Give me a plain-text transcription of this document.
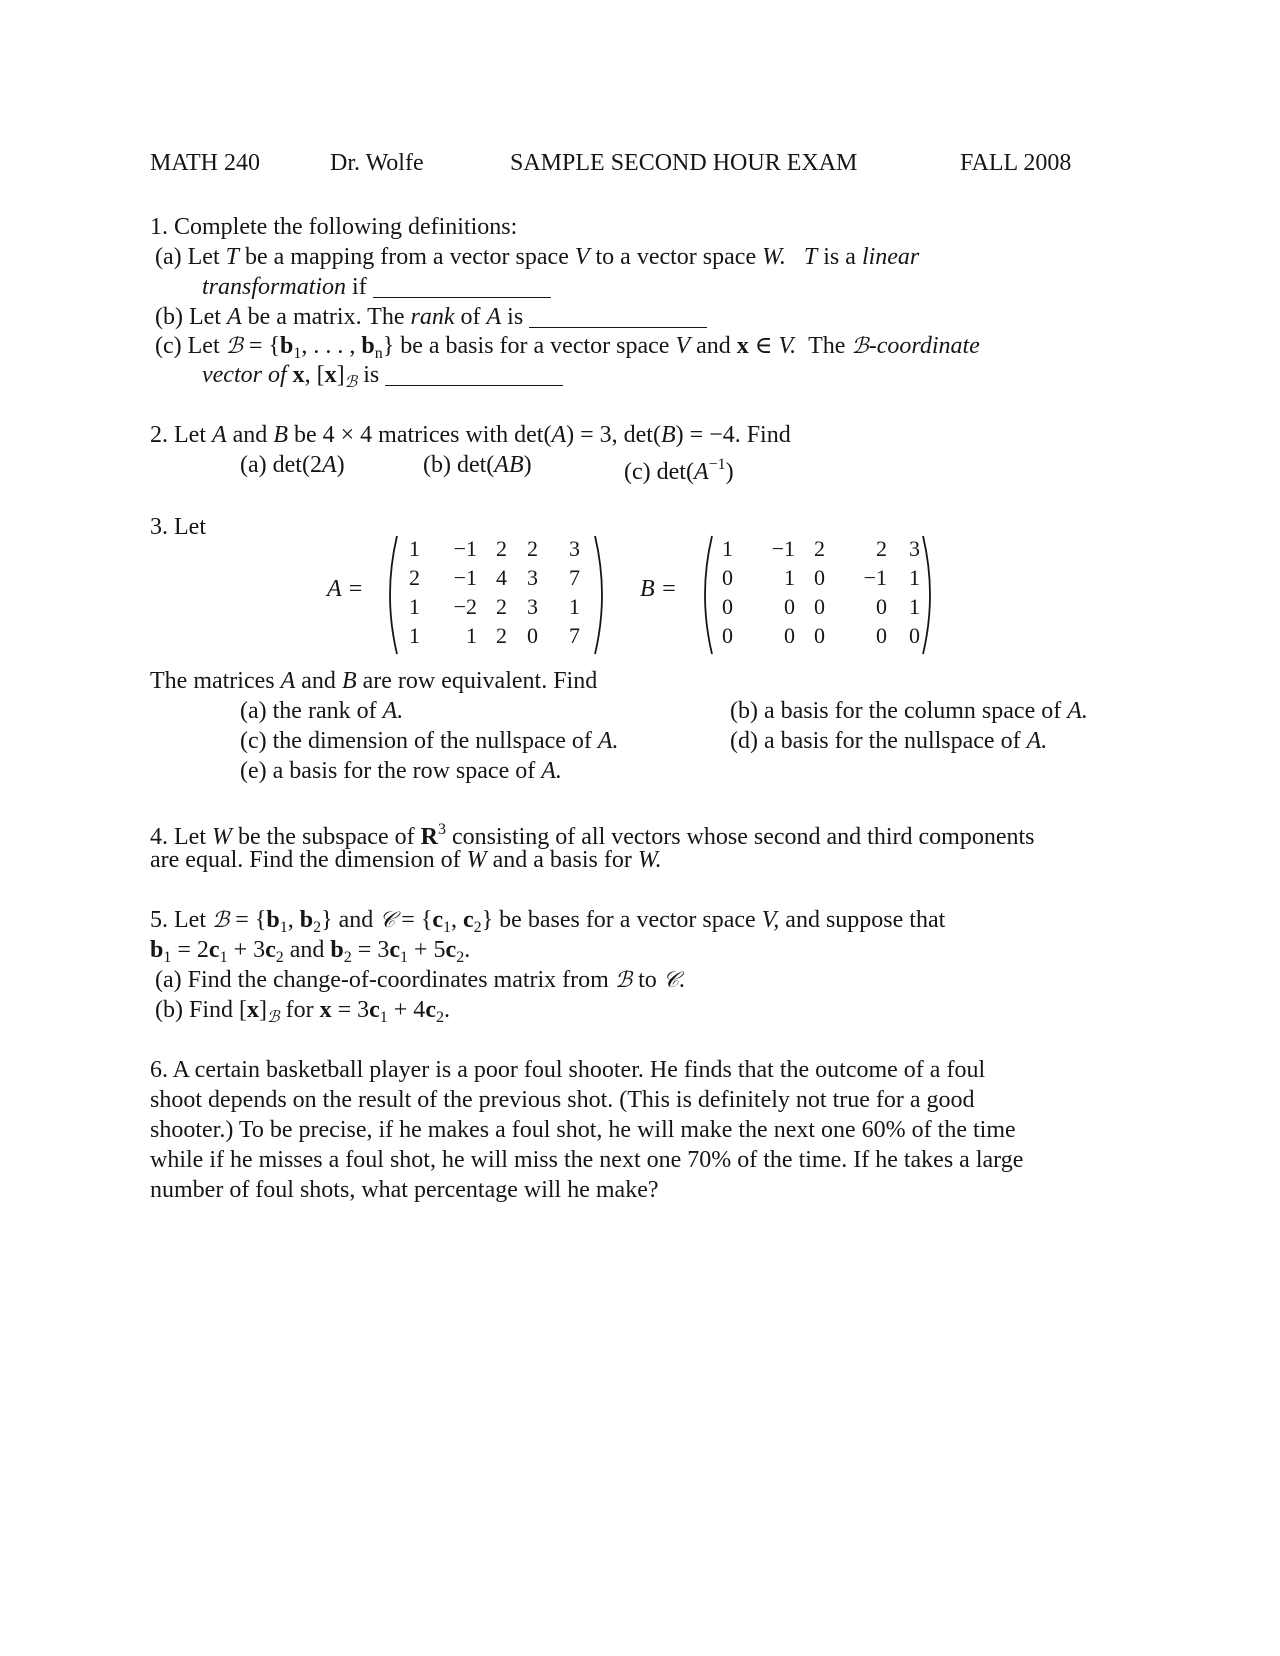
MATH 240	Dr. Wolfe	SAMPLE SECOND HOUR EXAM	FALL 2008
1. Complete the following definitions:
(a) Let T be a mapping from a vector space V to a vector space W. T is a linear
transformation if
(b) Let A be a matrix. The rank of A is
(c) Let ℬ = {$b_1$, . . . , $b_n$} be a basis for a vector space V and x ∈ V. The ℬ-coordinate
vector of x, $[x]_ℬ$ is
2. Let A and B be 4 × 4 matrices with det(A) = 3, det(B) = −4. Find
(a) det(2A)	(b) det(AB)	(c) $\det(A^{-1})$
3. Let
A =
1	−1 2 2	3
2	−1 4 3	7
1	−2 2 3	1
1	1 2 0	7
B =
1	−1 2	2	3
0	1 0	−1	1
0	0 0	0	1
0	0 0	0	0
The matrices A and B are row equivalent. Find
(a) the rank of A.	(b) a basis for the column space of A.
(c) the dimension of the nullspace of A.	(d) a basis for the nullspace of A.
(e) a basis for the row space of A.
4. Let W be the subspace of $R^3$ consisting of all vectors whose second and third components
are equal. Find the dimension of W and a basis for W.
5. Let ℬ = {$b_1$, $b_2$} and 𝒞 = {$c_1$, $c_2$} be bases for a vector space V, and suppose that
$b_1 = 2c_1 + 3c_2$ and $b_2 = 3c_1 + 5c_2$.
(a) Find the change-of-coordinates matrix from ℬ to 𝒞.
(b) Find $[x]_ℬ$ for $x = 3c_1 + 4c_2$.
6. A certain basketball player is a poor foul shooter. He finds that the outcome of a foul
shoot depends on the result of the previous shot. (This is definitely not true for a good
shooter.) To be precise, if he makes a foul shot, he will make the next one 60% of the time
while if he misses a foul shot, he will miss the next one 70% of the time. If he takes a large
number of foul shots, what percentage will he make?
